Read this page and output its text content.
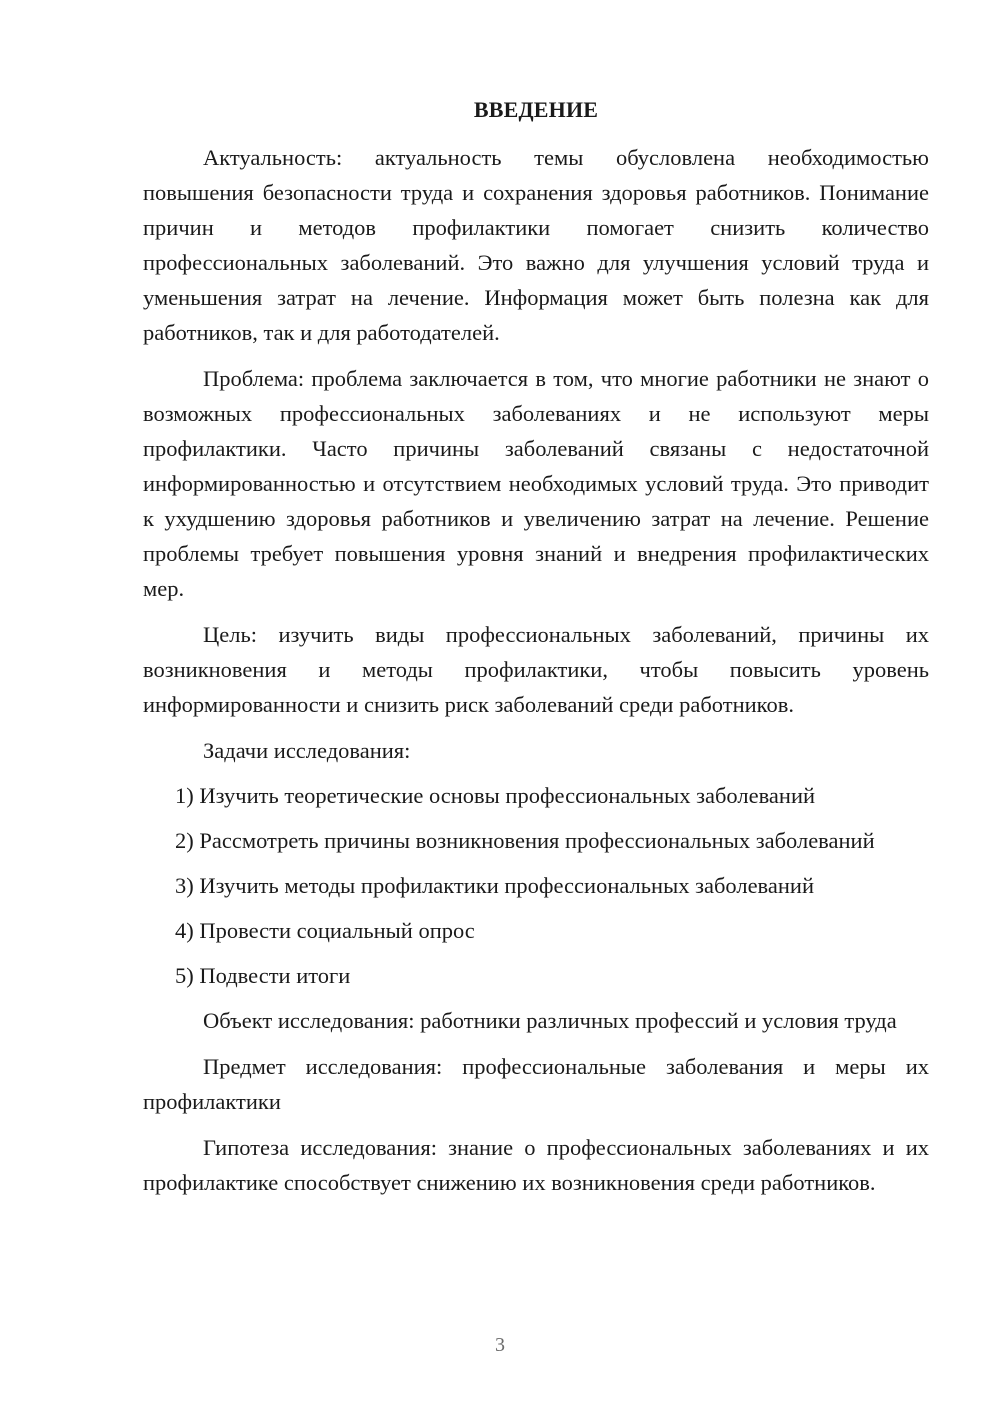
ВВЕДЕНИЕ

Актуальность: актуальность темы обусловлена необходимостью повышения безопасности труда и сохранения здоровья работников. Понимание причин и методов профилактики помогает снизить количество профессиональных заболеваний. Это важно для улучшения условий труда и уменьшения затрат на лечение. Информация может быть полезна как для работников, так и для работодателей.

Проблема: проблема заключается в том, что многие работники не знают о возможных профессиональных заболеваниях и не используют меры профилактики. Часто причины заболеваний связаны с недостаточной информированностью и отсутствием необходимых условий труда. Это приводит к ухудшению здоровья работников и увеличению затрат на лечение. Решение проблемы требует повышения уровня знаний и внедрения профилактических мер.

Цель: изучить виды профессиональных заболеваний, причины их возникновения и методы профилактики, чтобы повысить уровень информированности и снизить риск заболеваний среди работников.

Задачи исследования:

1) Изучить теоретические основы профессиональных заболеваний

2) Рассмотреть причины возникновения профессиональных заболеваний

3) Изучить методы профилактики профессиональных заболеваний

4) Провести социальный опрос

5) Подвести итоги

Объект исследования: работники различных профессий и условия труда

Предмет исследования: профессиональные заболевания и меры их профилактики

Гипотеза исследования: знание о профессиональных заболеваниях и их профилактике способствует снижению их возникновения среди работников.

3
